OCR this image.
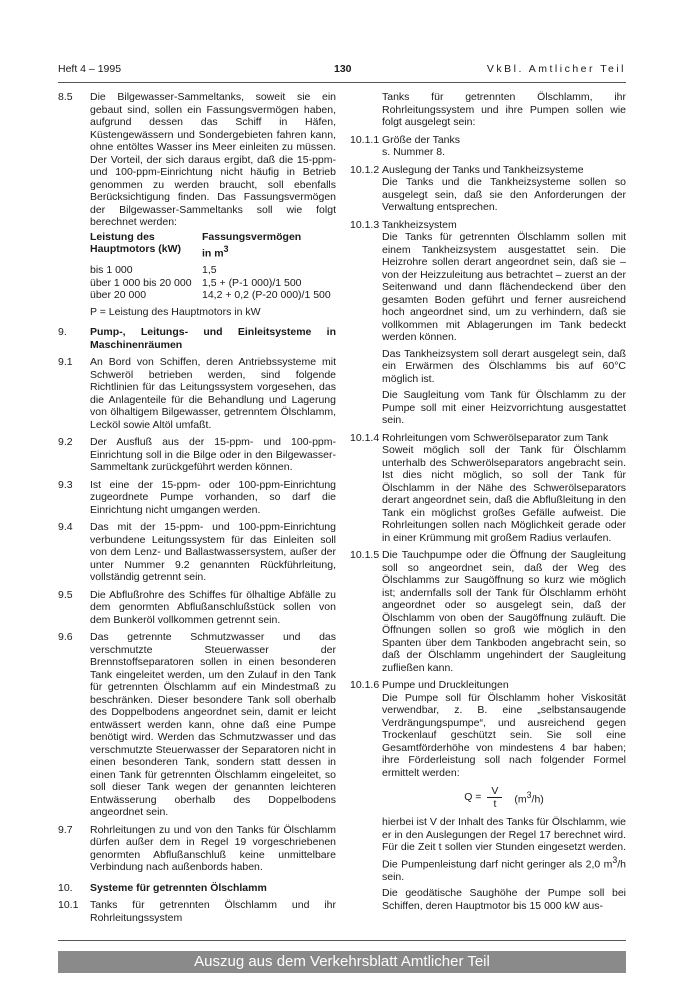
Heft 4 – 1995	130	VkBl. Amtlicher Teil
8.5	Die Bilgewasser-Sammeltanks, soweit sie ein gebaut sind, sollen ein Fassungsvermögen haben, aufgrund dessen das Schiff in Häfen, Küstengewässern und Sondergebieten fahren kann, ohne entöltes Wasser ins Meer einleiten zu müssen. Der Vorteil, der sich daraus ergibt, daß die 15-ppm- und 100-ppm-Einrichtung nicht häufig in Betrieb genommen zu werden braucht, soll ebenfalls Berücksichtigung finden. Das Fassungsvermögen der Bilgewasser-Sammeltanks soll wie folgt berechnet werden:

Leistung des
Hauptmotors (kW)	Fassungsvermögen
in $m^3$
bis 1 000	1,5
über 1 000 bis 20 000	1,5 + (P-1 000)/1 500
über 20 000	14,2 + 0,2 (P-20 000)/1 500

P = Leistung des Hauptmotors in kW

9.	Pump-, Leitungs- und Einleitsysteme in Maschinenräumen
9.1	An Bord von Schiffen, deren Antriebssysteme mit Schweröl betrieben werden, sind folgende Richtlinien für das Leitungssystem vorgesehen, das die Anlagenteile für die Behandlung und Lagerung von ölhaltigem Bilgewasser, getrenntem Ölschlamm, Lecköl sowie Altöl umfaßt.
9.2	Der Ausfluß aus der 15-ppm- und 100-ppm-Einrichtung soll in die Bilge oder in den Bilgewasser-Sammeltank zurückgeführt werden können.
9.3	Ist eine der 15-ppm- oder 100-ppm-Einrichtung zugeordnete Pumpe vorhanden, so darf die Einrichtung nicht umgangen werden.
9.4	Das mit der 15-ppm- und 100-ppm-Einrichtung verbundene Leitungssystem für das Einleiten soll von dem Lenz- und Ballastwassersystem, außer der unter Nummer 9.2 genannten Rückführleitung, vollständig getrennt sein.
9.5	Die Abflußrohre des Schiffes für ölhaltige Abfälle zu dem genormten Abflußanschlußstück sollen von dem Bunkeröl vollkommen getrennt sein.
9.6	Das getrennte Schmutzwasser und das verschmutzte Steuerwasser der Brennstoffseparatoren sollen in einen besonderen Tank eingeleitet werden, um den Zulauf in den Tank für getrennten Ölschlamm auf ein Mindestmaß zu beschränken. Dieser besondere Tank soll oberhalb des Doppelbodens angeordnet sein, damit er leicht entwässert werden kann, ohne daß eine Pumpe benötigt wird. Werden das Schmutzwasser und das verschmutzte Steuerwasser der Separatoren nicht in einen besonderen Tank, sondern statt dessen in einen Tank für getrennten Ölschlamm eingeleitet, so soll dieser Tank wegen der genannten leichteren Entwässerung oberhalb des Doppelbodens angeordnet sein.
9.7	Rohrleitungen zu und von den Tanks für Ölschlamm dürfen außer dem in Regel 19 vorgeschriebenen genormten Abflußanschluß keine unmittelbare Verbindung nach außenbords haben.
10.	Systeme für getrennten Ölschlamm
10.1	Tanks für getrennten Ölschlamm und ihr Rohrleitungssystem

Tanks für getrennten Ölschlamm, ihr Rohrleitungssystem und ihre Pumpen sollen wie folgt ausgelegt sein:

10.1.1 Größe der Tanks

s. Nummer 8.

10.1.2 Auslegung der Tanks und Tankheizsysteme

Die Tanks und die Tankheizsysteme sollen so ausgelegt sein, daß sie den Anforderungen der Verwaltung entsprechen.

10.1.3 Tankheizsystem

Die Tanks für getrennten Ölschlamm sollen mit einem Tankheizsystem ausgestattet sein. Die Heizrohre sollen derart angeordnet sein, daß sie – von der Heizzuleitung aus betrachtet – zuerst an der Seitenwand und dann flächendeckend über den gesamten Boden geführt und ferner ausreichend hoch angeordnet sind, um zu verhindern, daß sie vollkommen mit Ablagerungen im Tank bedeckt werden können.

Das Tankheizsystem soll derart ausgelegt sein, daß ein Erwärmen des Ölschlamms bis auf 60°C möglich ist.

Die Saugleitung vom Tank für Ölschlamm zu der Pumpe soll mit einer Heizvorrichtung ausgestattet sein.

10.1.4 Rohrleitungen vom Schwerölseparator zum Tank

Soweit möglich soll der Tank für Ölschlamm unterhalb des Schwerölseparators angebracht sein. Ist dies nicht möglich, so soll der Tank für Ölschlamm in der Nähe des Schwerölseparators derart angeordnet sein, daß die Abflußleitung in den Tank ein möglichst großes Gefälle aufweist. Die Rohrleitungen sollen nach Möglichkeit gerade oder in einer Krümmung mit großem Radius verlaufen.

10.1.5 Die Tauchpumpe oder die Öffnung der Saugleitung soll so angeordnet sein, daß der Weg des Ölschlamms zur Saugöffnung so kurz wie möglich ist; andernfalls soll der Tank für Ölschlamm erhöht angeordnet oder so ausgelegt sein, daß der Ölschlamm von oben der Saugöffnung zuläuft. Die Öffnungen sollen so groß wie möglich in den Spanten über dem Tankboden angebracht sein, so daß der Ölschlamm ungehindert der Saugleitung zufließen kann.
10.1.6 Pumpe und Druckleitungen

Die Pumpe soll für Ölschlamm hoher Viskosität verwendbar, z. B. eine „selbstansaugende Verdrängungspumpe“, und ausreichend gegen Trockenlauf geschützt sein. Sie soll eine Gesamtförderhöhe von mindestens 4 bar haben; ihre Förderleistung soll nach folgender Formel ermittelt werden:

$Q = \frac{V}{t} (m^3/h)$

hierbei ist V der Inhalt des Tanks für Ölschlamm, wie er in den Auslegungen der Regel 17 berechnet wird. Für die Zeit t sollen vier Stunden eingesetzt werden. Die Pumpenleistung darf nicht geringer als 2,0 $m^3/h$ sein.

Die geodätische Saughöhe der Pumpe soll bei Schiffen, deren Hauptmotor bis 15 000 kW aus-

Auszug aus dem Verkehrsblatt Amtlicher Teil
